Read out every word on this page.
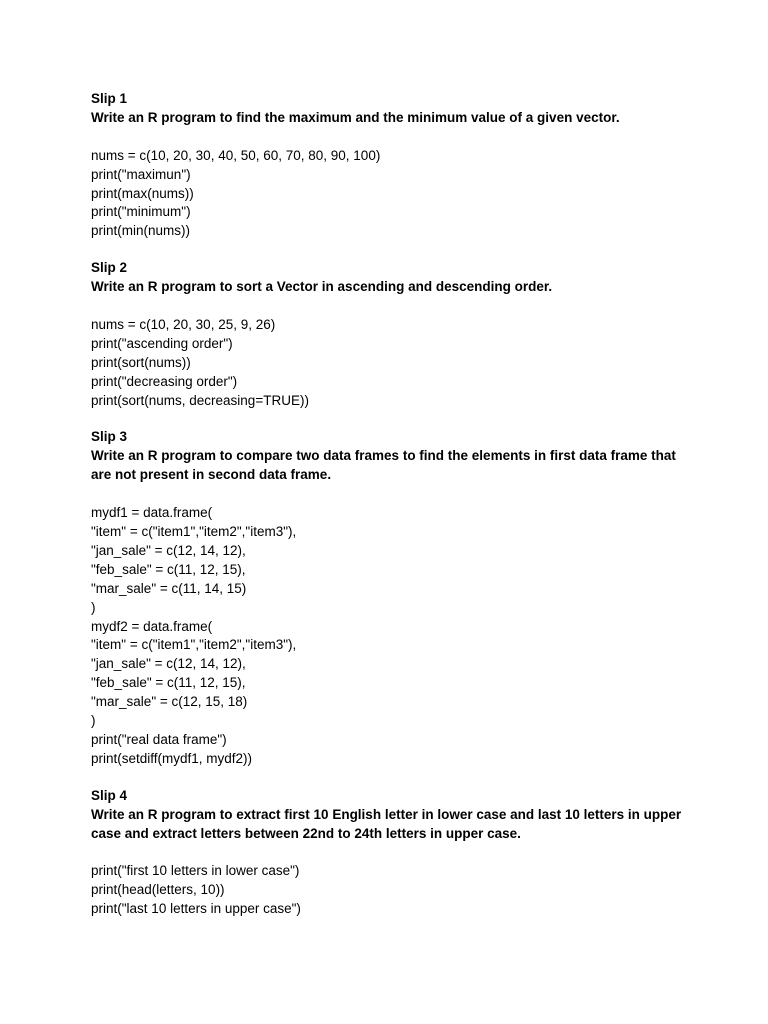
Slip 1

Write an R program to find the maximum and the minimum value of a given vector.

nums = c(10, 20, 30, 40, 50, 60, 70, 80, 90, 100)

print("maximun")

print(max(nums))

print("minimum")

print(min(nums))

Slip 2

Write an R program to sort a Vector in ascending and descending order.

nums = c(10, 20, 30, 25, 9, 26)

print("ascending order")

print(sort(nums))

print("decreasing order")

print(sort(nums, decreasing=TRUE))

Slip 3

Write an R program to compare two data frames to find the elements in first data frame that are not present in second data frame.

mydf1 = data.frame(

"item" = c("item1","item2","item3"),

"jan_sale" = c(12, 14, 12),

"feb_sale" = c(11, 12, 15),

"mar_sale" = c(11, 14, 15)

)

mydf2 = data.frame(

"item" = c("item1","item2","item3"),

"jan_sale" = c(12, 14, 12),

"feb_sale" = c(11, 12, 15),

"mar_sale" = c(12, 15, 18)

)

print("real data frame")

print(setdiff(mydf1, mydf2))

Slip 4

Write an R program to extract first 10 English letter in lower case and last 10 letters in upper case and extract letters between 22nd to 24th letters in upper case.

print("first 10 letters in lower case")

print(head(letters, 10))

print("last 10 letters in upper case")
